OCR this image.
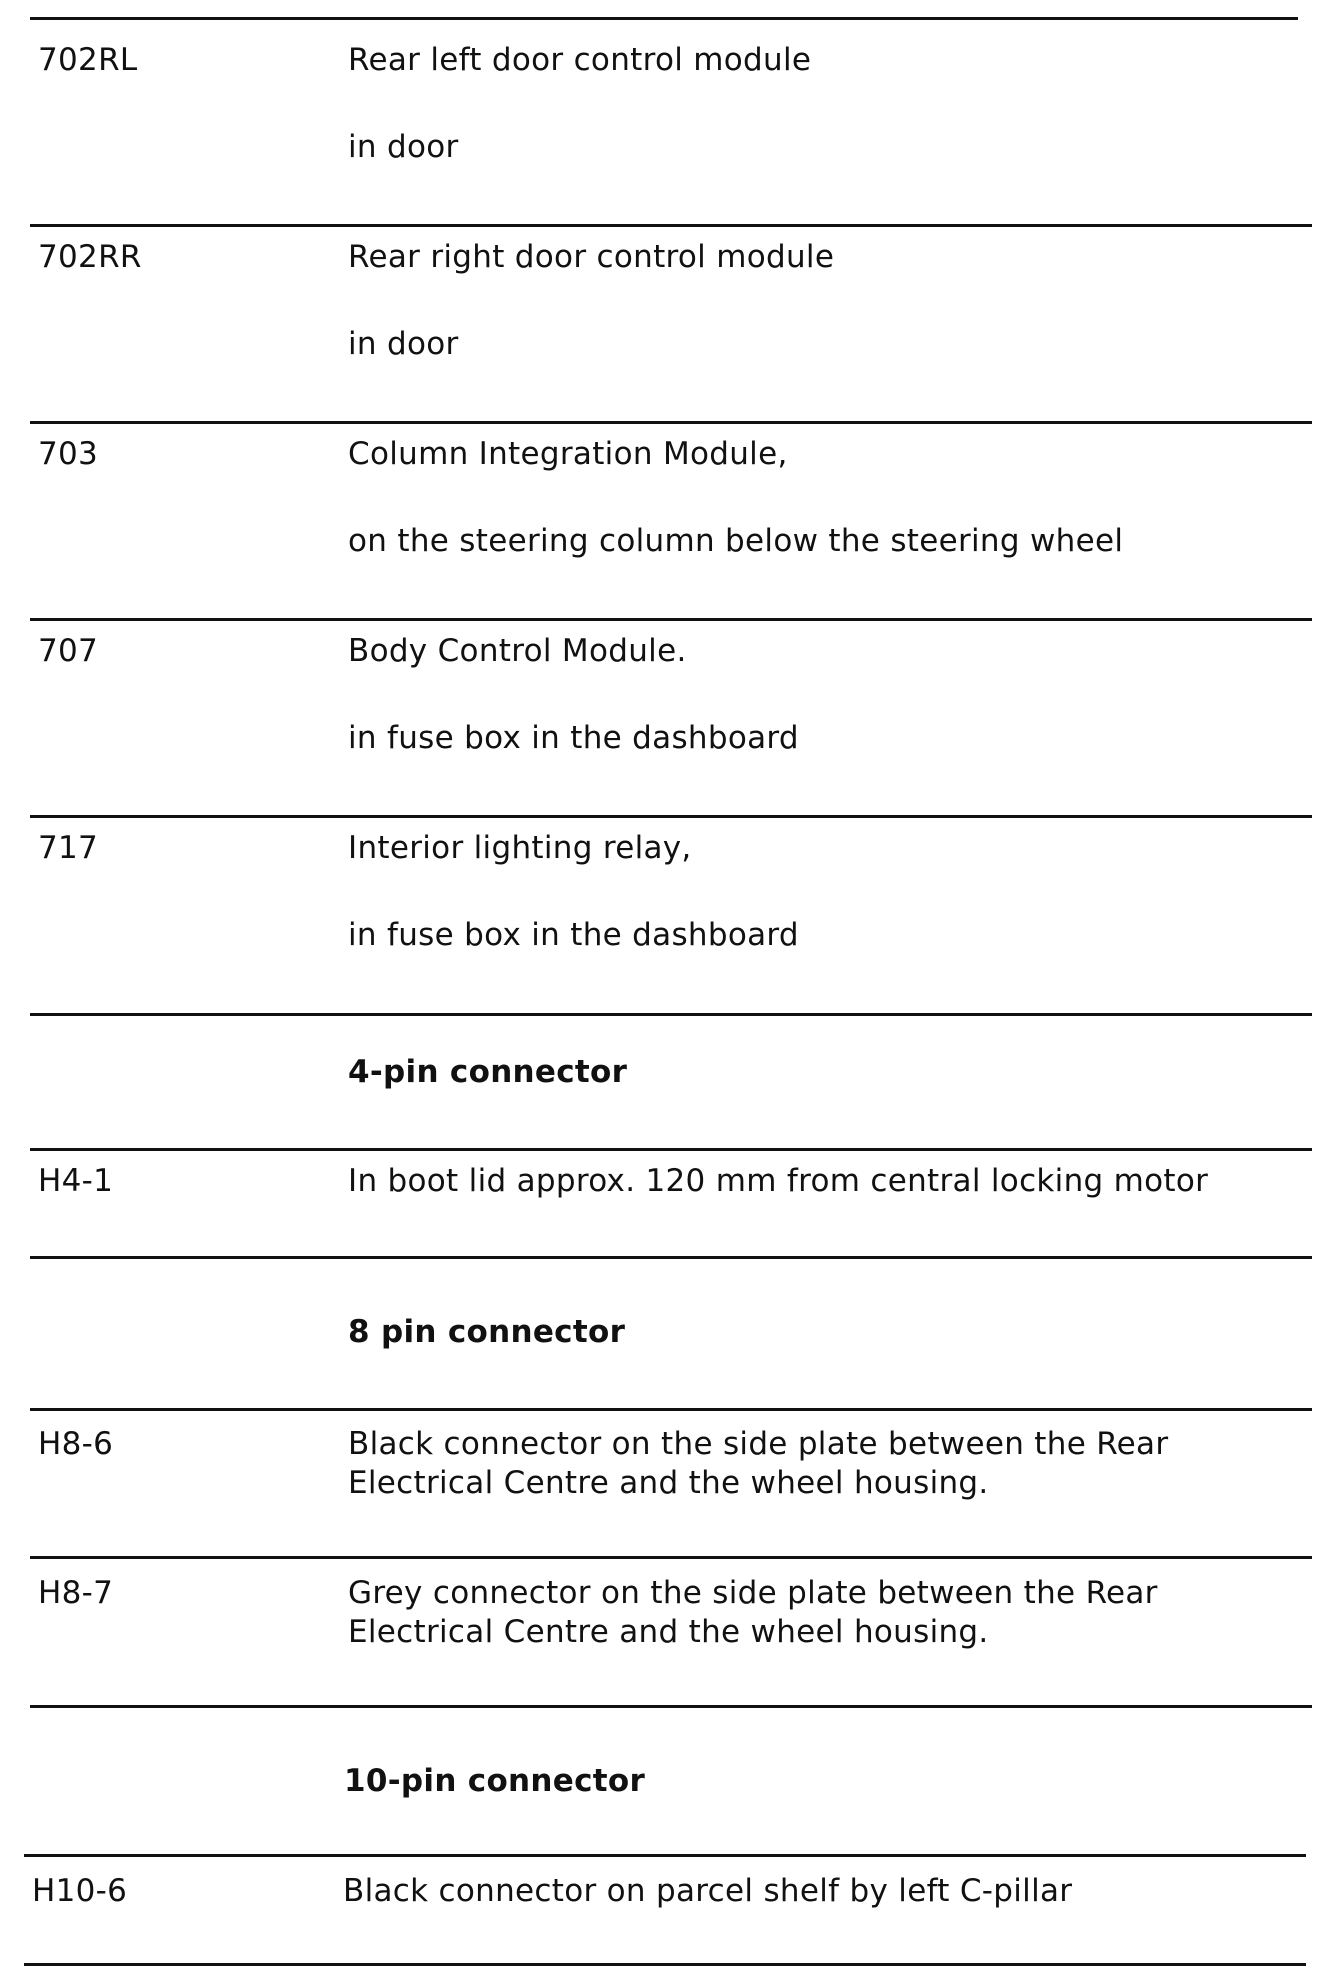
702RL	Rear left door control module
in door
702RR	Rear right door control module
in door
703	Column Integration Module,
on the steering column below the steering wheel
707	Body Control Module.
in fuse box in the dashboard
717	Interior lighting relay,
in fuse box in the dashboard
4-pin connector
H4-1	In boot lid approx. 120 mm from central locking motor
8 pin connector
H8-6	Black connector on the side plate between the Rear
Electrical Centre and the wheel housing.
H8-7	Grey connector on the side plate between the Rear
Electrical Centre and the wheel housing.
10-pin connector
H10-6	Black connector on parcel shelf by left C-pillar
